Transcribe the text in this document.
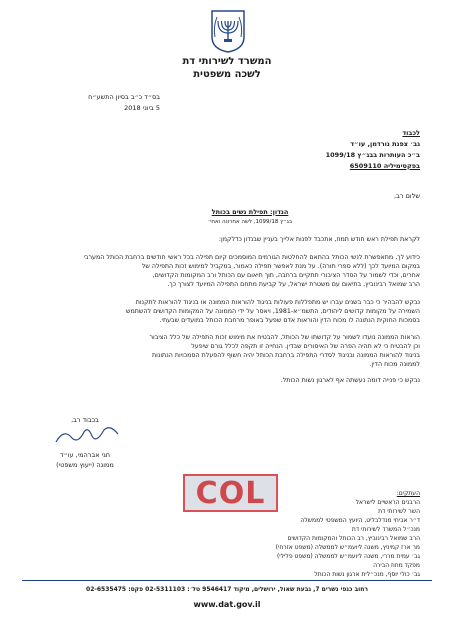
המשרד לשירותי דת
לשכה משפטית
בס״ד כ״ב בסיון התשע״ח
5 ביוני 2018
לכבוד
גב׳ צפנת נורדמן, עו״ד
ב״כ העותרות בבג״ץ 1099/18
בפקסימיליה 6509110
שלום רב,
הנדון: תפילת נשים בכותל
בג״ץ 1099/18, לשה אחרונה ואחי׳
לקראת תפילת ראש חודש תמוז, אתכבד לפנות אלייך בעניין שבנדון כדלקמן:
כידוע לך, מתאפשרת לנשי הכותל בהתאם להחלטות הגורמים המוסמכים קיום תפילה בכל ראשי חודשים ברחבת הכותל המערבי
במקום המיועד לכך (ללא ספרי תורה). על מנת לאפשר תפילה כאמור, במקביל למימוש זכות התפילה של
אחרים, וכדי לשמור על הסדר הציבורי תתקיים ברחבה, תוך תיאום עם הכותל ורב המקומות הקדושים,
הרב שמואל רבינוביץ, בתיאום עם משטרת ישראל, על קביעת מתחם התפילה המיועד לצורך כך.
נבקש להבהיר כי כבר בשנים עברו יש מתפללות פעולות בניגוד להוראות הממונה או בניגוד להוראות לתקנות
השמירה על מקומות קדושים ליהודים, התשמ״א-1981, ויאסר על ידי הממונה על המקומות הקדושים להשתמש
בסמכות החוקית הנתונה לו מכוח הדין והוראות אדם שפעל באופר מרחבת הכותל במועדים שבעתי.
הוראות הממונה נועדו לשמור על קדושתו של הכותל, להבטיח את מימוש זכות התפילה של כלל הציבור
וכן להבטיח כי לא תהיה הפרה של האיסורים שבדין. הנחייה זו תקפה לכלל גורם שיפעל
בניגוד להוראות הממונה ובניגוד לסדרי התפילה ברחבת הכותל יהיה חשוף להפעלת הסמכויות הנתונות
לממונה מכוח הדין.
נבקש כי פנייה דומה נעשתה אף לארגון נשות הכותל.
בכבוד רב,
חגי אברהמי, עו״ד
ממונה (ייעוץ משפטי)
העתקים:
הרבנים הראשיים לישראל
השר לשירותי דת
ד״ר אביחי מנדלבליט, היועץ המשפטי לממשלה
מנכ״ל המשרד לשירותי דת
הרב שמואל רבינוביץ, רב הכותל והמקומות הקדושים
מר ארז קמיניץ, משנה ליועמ״ש לממשלה (משפט אזרחי)
גב׳ עמית מררי, משנה ליועמ״ש לממשלה (משפט פלילי)
מפקד מחוז הבירה
גב׳ כולי יוסף, מנכ״לית ארגון נשות הכותל
COL
רחוב כנפי נשרים 7, גבעת שאול, ירושלים, מיקוד 9546417 טל׳: 02-5311103 פקס: 02-6535475
www.dat.gov.il
